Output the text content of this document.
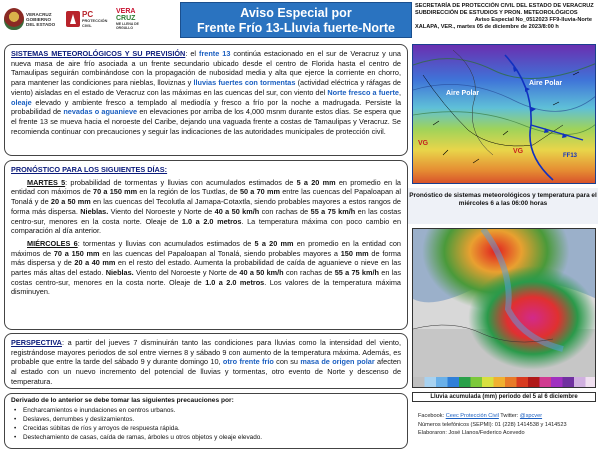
VERACRUZ
GOBIERNO
DEL ESTADO
PC
PROTECCIÓN CIVIL
VERA
CRUZ
ME LLENA DE ORGULLO
Aviso Especial por
Frente Frío 13-Lluvia fuerte-Norte
SECRETARÍA DE PROTECCIÓN CIVIL DEL ESTADO DE VERACRUZ
SUBDIRECCIÓN DE ESTUDIOS Y PRON. METEOROLÓGICOS
Aviso Especial No_0512023 FF9-lluvia-Norte
XALAPA, VER., martes 05 de diciembre de 2023/8:00 h

SISTEMAS METEOROLÓGICOS Y SU PREVISIÓN: el frente 13 continúa estacionado en el sur de Veracruz y una nueva masa de aire frío asociada a un frente secundario ubicado desde el centro de Florida hasta el centro de Tamaulipas seguirán combinándose con la propagación de nubosidad media y alta que ejerce la corriente en chorro, para mantener las condiciones para nieblas, lloviznas y lluvias fuertes con tormentas (actividad eléctrica y ráfagas de viento) aisladas en el estado de Veracruz con las máximas en las cuencas del sur, con viento del Norte fresco a fuerte, oleaje elevado y ambiente fresco a templado al mediodía y fresco a frío por la noche a madrugada. Persiste la probabilidad de nevadas o aguanieve en elevaciones por arriba de los 4,000 msnm durante estos días. Se espera que el frente 13 se mueva hacia el noroeste del Caribe, dejando una vaguada frente a costas de Tamaulipas y Veracruz. Se recomienda continuar con precauciones y seguir las indicaciones de las autoridades municipales de protección civil.

PRONÓSTICO PARA LOS SIGUIENTES DÍAS:

MARTES 5: probabilidad de tormentas y lluvias con acumulados estimados de 5 a 20 mm en promedio en la entidad con máximos de 70 a 150 mm en la región de los Tuxtlas, de 50 a 70 mm entre las cuencas del Papaloapan al Tonalá y de 20 a 50 mm en las cuencas del Tecolutla al Jamapa-Cotaxtla, siendo probables mayores a estos rangos de forma más dispersa. Nieblas. Viento del Noroeste y Norte de 40 a 50 km/h con rachas de 55 a 75 km/h en las costas centro-sur, menores en la costa norte. Oleaje de 1.0 a 2.0 metros. La temperatura máxima con poco cambio en comparación al día anterior.

MIÉRCOLES 6: tormentas y lluvias con acumulados estimados de 5 a 20 mm en promedio en la entidad con máximos de 70 a 150 mm en las cuencas del Papaloapan al Tonalá, siendo probables mayores a 150 mm de forma más dispersa y de 20 a 40 mm en el resto del estado. Aumenta la probabilidad de caída de aguanieve o nieve en las partes más altas del estado. Nieblas. Viento del Noroeste y Norte de 40 a 50 km/h con rachas de 55 a 75 km/h en las costas centro-sur, menores en la costa norte. Oleaje de 1.0 a 2.0 metros. Los valores de la temperatura máxima disminuyen.

PERSPECTIVA: a partir del jueves 7 disminuirán tanto las condiciones para lluvias como la intensidad del viento, registrándose mayores periodos de sol entre viernes 8 y sábado 9 con aumento de la temperatura máxima. Además, es probable que entre la tarde del sábado 9 y durante domingo 10, otro frente frío con su masa de origen polar afecten al estado con un nuevo incremento del potencial de lluvias y tormentas, otro evento de Norte y descenso de temperatura.

Derivado de lo anterior se debe tomar las siguientes precauciones por:

• Encharcamientos e inundaciones en centros urbanos.
• Deslaves, derrumbes y deslizamientos.
• Crecidas súbitas de ríos y arroyos de respuesta rápida.
• Destechamiento de casas, caída de ramas, árboles u otros objetos y oleaje elevado.
Aire Polar
Aire Polar
VG
VG
FF13
Pronóstico de sistemas meteorológicos y temperatura para el miércoles 6 a las 06:00 horas
Lluvia acumulada (mm) periodo del 5 al 6 diciembre
Facebook: Ceec Protección Civil Twitter: @spcver
Números telefónicos (SEPMI): 01 (228) 1414538 y 1414523
Elaboraron: José Llanos/Federico Acevedo
